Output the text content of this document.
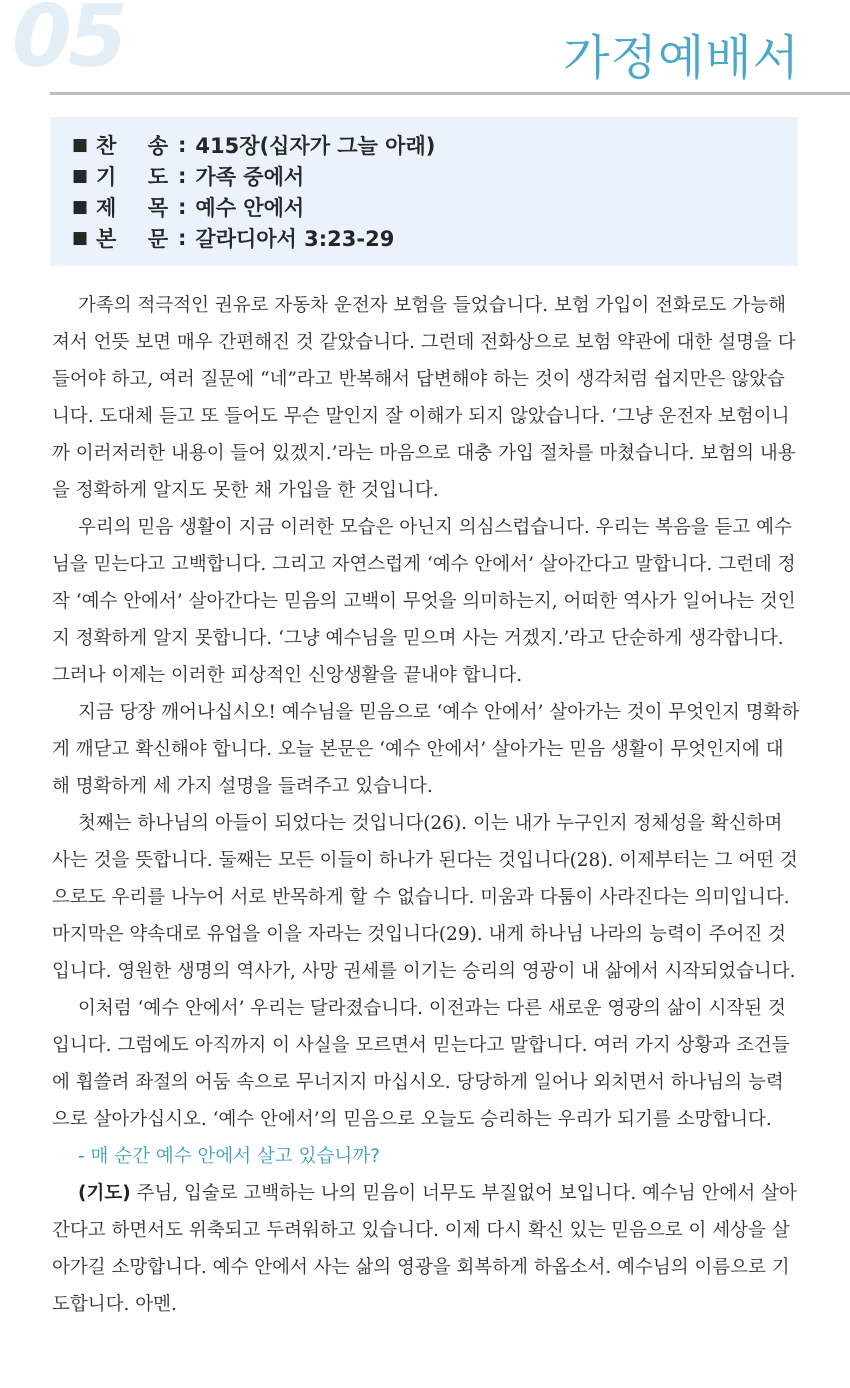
05	가정예배서
■ 찬 송 : 415장(십자가 그늘 아래)
■ 기 도 : 가족 중에서
■ 제 목 : 예수 안에서
■ 본 문 : 갈라디아서 3:23-29

가족의 적극적인 권유로 자동차 운전자 보험을 들었습니다. 보험 가입이 전화로도 가능해져서 언뜻 보면 매우 간편해진 것 같았습니다. 그런데 전화상으로 보험 약관에 대한 설명을 다 들어야 하고, 여러 질문에 “네”라고 반복해서 답변해야 하는 것이 생각처럼 쉽지만은 않았습니다. 도대체 듣고 또 들어도 무슨 말인지 잘 이해가 되지 않았습니다. ‘그냥 운전자 보험이니까 이러저러한 내용이 들어 있겠지.’라는 마음으로 대충 가입 절차를 마쳤습니다. 보험의 내용을 정확하게 알지도 못한 채 가입을 한 것입니다.

우리의 믿음 생활이 지금 이러한 모습은 아닌지 의심스럽습니다. 우리는 복음을 듣고 예수님을 믿는다고 고백합니다. 그리고 자연스럽게 ‘예수 안에서’ 살아간다고 말합니다. 그런데 정작 ‘예수 안에서’ 살아간다는 믿음의 고백이 무엇을 의미하는지, 어떠한 역사가 일어나는 것인지 정확하게 알지 못합니다. ‘그냥 예수님을 믿으며 사는 거겠지.’라고 단순하게 생각합니다. 그러나 이제는 이러한 피상적인 신앙생활을 끝내야 합니다.

지금 당장 깨어나십시오! 예수님을 믿음으로 ‘예수 안에서’ 살아가는 것이 무엇인지 명확하게 깨닫고 확신해야 합니다. 오늘 본문은 ‘예수 안에서’ 살아가는 믿음 생활이 무엇인지에 대해 명확하게 세 가지 설명을 들려주고 있습니다.

첫째는 하나님의 아들이 되었다는 것입니다(26). 이는 내가 누구인지 정체성을 확신하며 사는 것을 뜻합니다. 둘째는 모든 이들이 하나가 된다는 것입니다(28). 이제부터는 그 어떤 것으로도 우리를 나누어 서로 반목하게 할 수 없습니다. 미움과 다툼이 사라진다는 의미입니다. 마지막은 약속대로 유업을 이을 자라는 것입니다(29). 내게 하나님 나라의 능력이 주어진 것입니다. 영원한 생명의 역사가, 사망 권세를 이기는 승리의 영광이 내 삶에서 시작되었습니다.

이처럼 ‘예수 안에서’ 우리는 달라졌습니다. 이전과는 다른 새로운 영광의 삶이 시작된 것입니다. 그럼에도 아직까지 이 사실을 모르면서 믿는다고 말합니다. 여러 가지 상황과 조건들에 휩쓸려 좌절의 어둠 속으로 무너지지 마십시오. 당당하게 일어나 외치면서 하나님의 능력으로 살아가십시오. ‘예수 안에서’의 믿음으로 오늘도 승리하는 우리가 되기를 소망합니다.

- 매 순간 예수 안에서 살고 있습니까?

(기도) 주님, 입술로 고백하는 나의 믿음이 너무도 부질없어 보입니다. 예수님 안에서 살아간다고 하면서도 위축되고 두려워하고 있습니다. 이제 다시 확신 있는 믿음으로 이 세상을 살아가길 소망합니다. 예수 안에서 사는 삶의 영광을 회복하게 하옵소서. 예수님의 이름으로 기도합니다. 아멘.
